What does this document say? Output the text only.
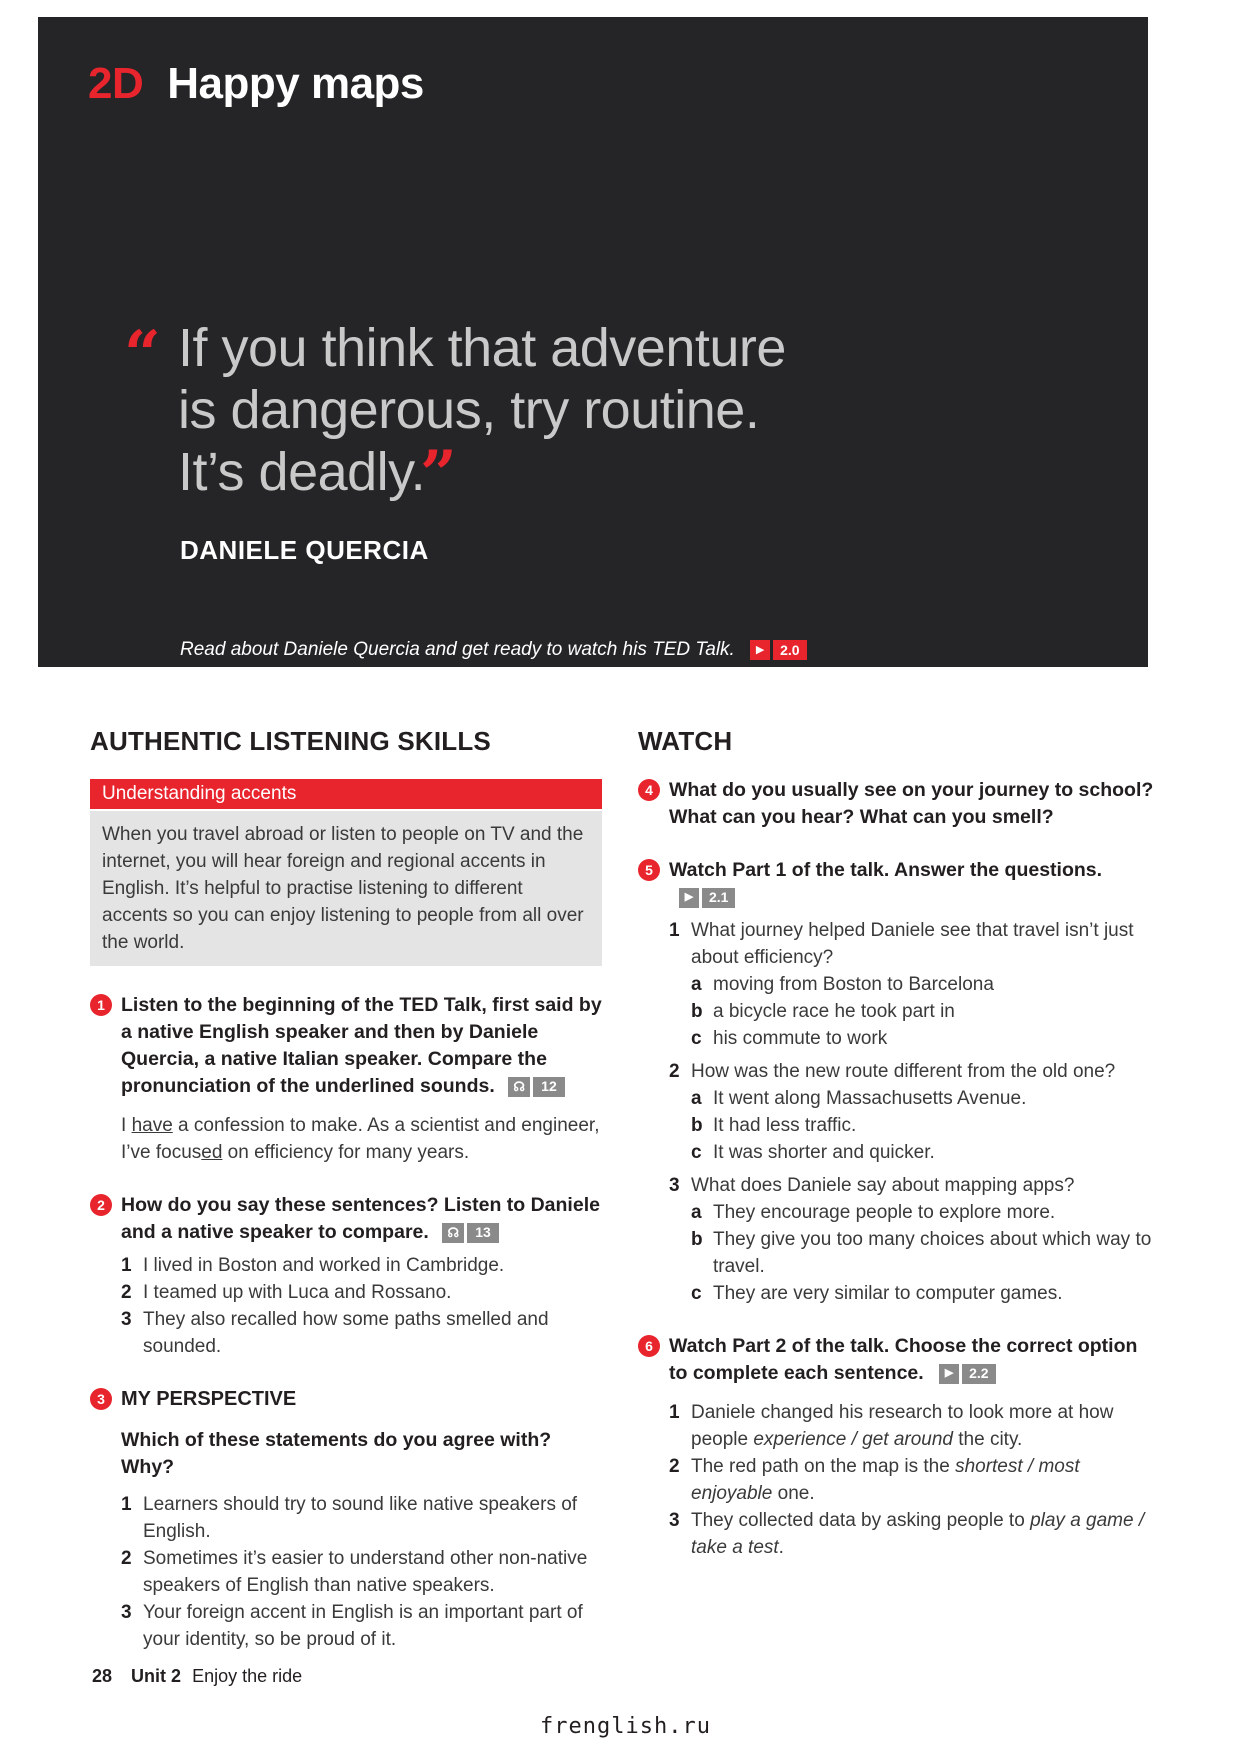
2D Happy maps
“ If you think that adventure
is dangerous, try routine.
It’s deadly.
”
DANIELE QUERCIA
Read about Daniele Quercia and get ready to watch his TED Talk.	▶	2.0
AUTHENTIC LISTENING SKILLS
Understanding accents
When you travel abroad or listen to people on TV and the internet, you will hear foreign and regional accents in English. It’s helpful to practise listening to different accents so you can enjoy listening to people from all over the world.
1 Listen to the beginning of the TED Talk, first said by a native English speaker and then by Daniele Quercia, a native Italian speaker. Compare the pronunciation of the underlined sounds.	☊	12
I have a confession to make. As a scientist and engineer, I’ve focused on efficiency for many years.
2 How do you say these sentences? Listen to Daniele and a native speaker to compare.	☊	13
1 I lived in Boston and worked in Cambridge.
2 I teamed up with Luca and Rossano.
3 They also recalled how some paths smelled and sounded.
3 MY PERSPECTIVE
Which of these statements do you agree with? Why?
1 Learners should try to sound like native speakers of English.
2 Sometimes it’s easier to understand other non-native speakers of English than native speakers.
3 Your foreign accent in English is an important part of your identity, so be proud of it.
WATCH
4 What do you usually see on your journey to school? What can you hear? What can you smell?
5 Watch Part 1 of the talk. Answer the questions.
▶	2.1
1 What journey helped Daniele see that travel isn’t just about efficiency?
a moving from Boston to Barcelona
b a bicycle race he took part in
c his commute to work
2 How was the new route different from the old one?
a It went along Massachusetts Avenue.
b It had less traffic.
c It was shorter and quicker.
3 What does Daniele say about mapping apps?
a They encourage people to explore more.
b They give you too many choices about which way to travel.
c They are very similar to computer games.
6 Watch Part 2 of the talk. Choose the correct option to complete each sentence.	▶	2.2
1 Daniele changed his research to look more at how people experience / get around the city.
2 The red path on the map is the shortest / most enjoyable one.
3 They collected data by asking people to play a game / take a test.
28 Unit 2 Enjoy the ride
frenglish.ru
